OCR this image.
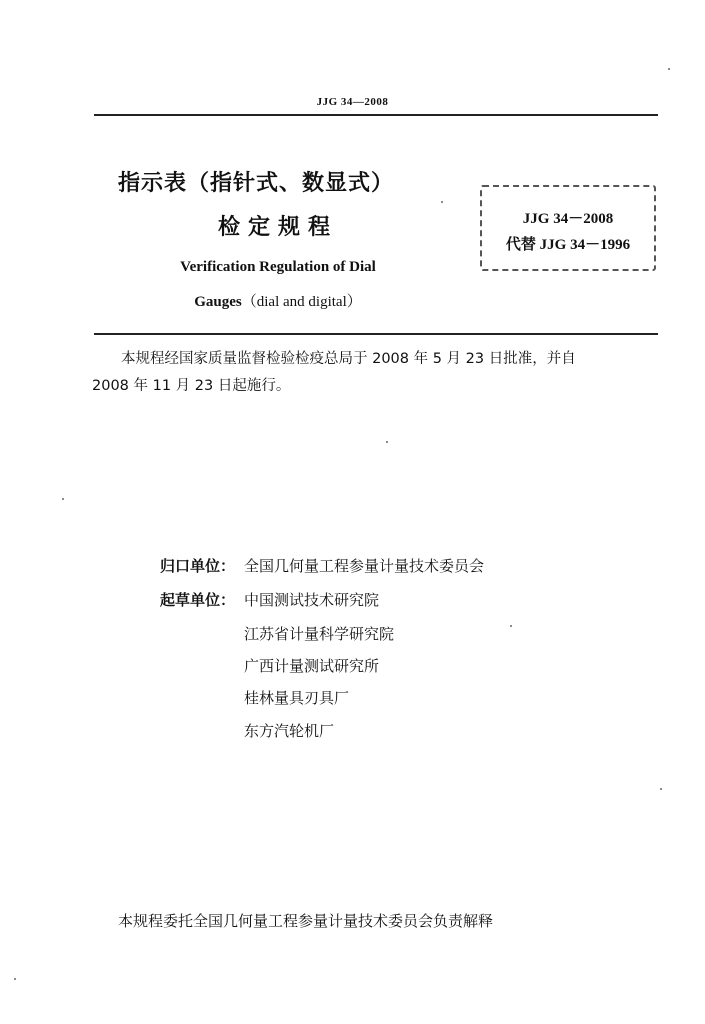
JJG 34—2008
指示表（指针式、数显式）
检定规程
Verification Regulation of Dial
Gauges（dial and digital）
JJG 34－2008
代替 JJG 34－1996
本规程经国家质量监督检验检疫总局于 2008 年 5 月 23 日批准，并自
2008 年 11 月 23 日起施行。
归口单位： 全国几何量工程参量计量技术委员会
起草单位： 中国测试技术研究院
江苏省计量科学研究院
广西计量测试研究所
桂林量具刃具厂
东方汽轮机厂
本规程委托全国几何量工程参量计量技术委员会负责解释
